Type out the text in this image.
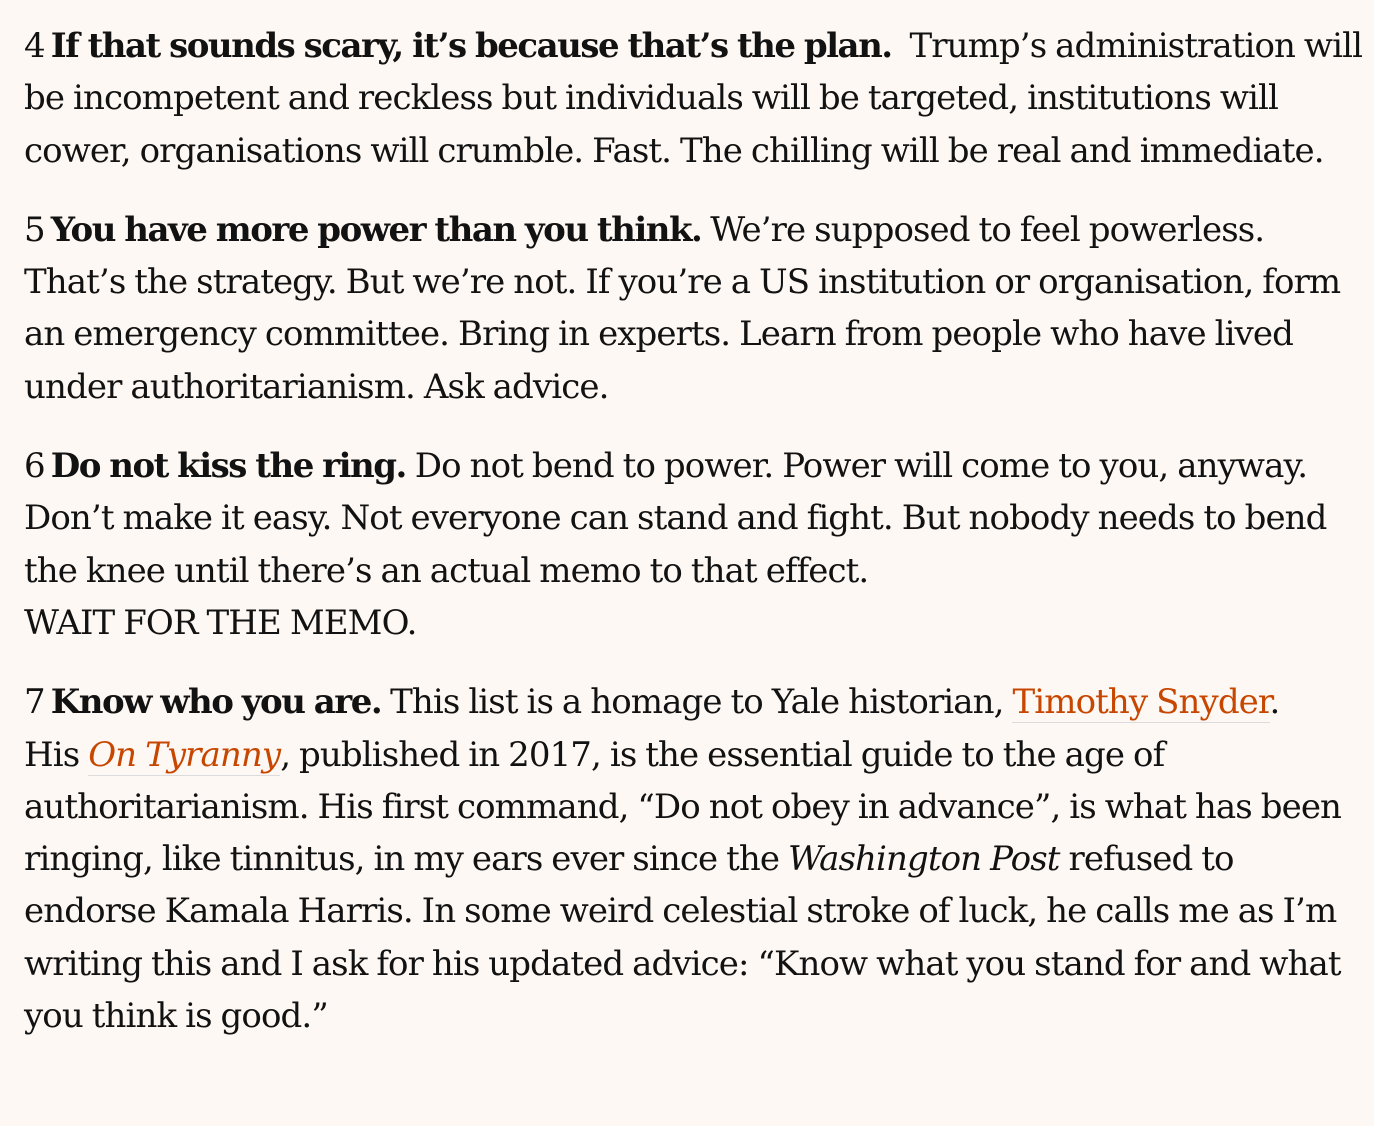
4 If that sounds scary, it’s because that’s the plan. Trump’s administration will be incompetent and reckless but individuals will be targeted, institutions will cower, organisations will crumble. Fast. The chilling will be real and immediate.

5 You have more power than you think. We’re supposed to feel powerless. That’s the strategy. But we’re not. If you’re a US institution or organisation, form an emergency committee. Bring in experts. Learn from people who have lived under authoritarianism. Ask advice.

6 Do not kiss the ring. Do not bend to power. Power will come to you, anyway. Don’t make it easy. Not everyone can stand and fight. But nobody needs to bend the knee until there’s an actual memo to that effect.
WAIT FOR THE MEMO.

7 Know who you are. This list is a homage to Yale historian, Timothy Snyder.
His On Tyranny, published in 2017, is the essential guide to the age of authoritarianism. His first command, “Do not obey in advance”, is what has been ringing, like tinnitus, in my ears ever since the Washington Post refused to endorse Kamala Harris. In some weird celestial stroke of luck, he calls me as I’m writing this and I ask for his updated advice: “Know what you stand for and what you think is good.”
